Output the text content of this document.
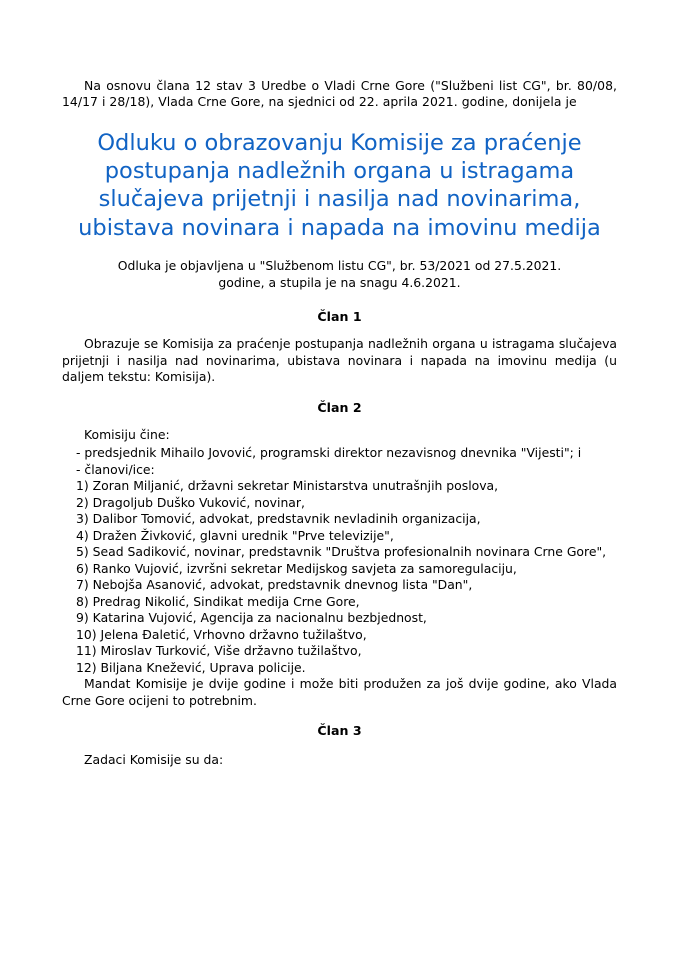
Na osnovu člana 12 stav 3 Uredbe o Vladi Crne Gore ("Službeni list CG", br. 80/08, 14/17 i 28/18), Vlada Crne Gore, na sjednici od 22. aprila 2021. godine, donijela je

Odluku o obrazovanju Komisije za praćenje postupanja nadležnih organa u istragama slučajeva prijetnji i nasilja nad novinarima, ubistava novinara i napada na imovinu medija

Odluka je objavljena u "Službenom listu CG", br. 53/2021 od 27.5.2021. godine, a stupila je na snagu 4.6.2021.

Član 1

Obrazuje se Komisija za praćenje postupanja nadležnih organa u istragama slučajeva prijetnji i nasilja nad novinarima, ubistava novinara i napada na imovinu medija (u daljem tekstu: Komisija).

Član 2

Komisiju čine:

- predsjednik Mihailo Jovović, programski direktor nezavisnog dnevnika "Vijesti"; i

- članovi/ice:

1) Zoran Miljanić, državni sekretar Ministarstva unutrašnjih poslova,

2) Dragoljub Duško Vuković, novinar,

3) Dalibor Tomović, advokat, predstavnik nevladinih organizacija,

4) Dražen Živković, glavni urednik "Prve televizije",

5) Sead Sadiković, novinar, predstavnik "Društva profesionalnih novinara Crne Gore",

6) Ranko Vujović, izvršni sekretar Medijskog savjeta za samoregulaciju,

7) Nebojša Asanović, advokat, predstavnik dnevnog lista "Dan",

8) Predrag Nikolić, Sindikat medija Crne Gore,

9) Katarina Vujović, Agencija za nacionalnu bezbjednost,

10) Jelena Đaletić, Vrhovno državno tužilaštvo,

11) Miroslav Turković, Više državno tužilaštvo,

12) Biljana Knežević, Uprava policije.

Mandat Komisije je dvije godine i može biti produžen za još dvije godine, ako Vlada Crne Gore ocijeni to potrebnim.

Član 3

Zadaci Komisije su da:
